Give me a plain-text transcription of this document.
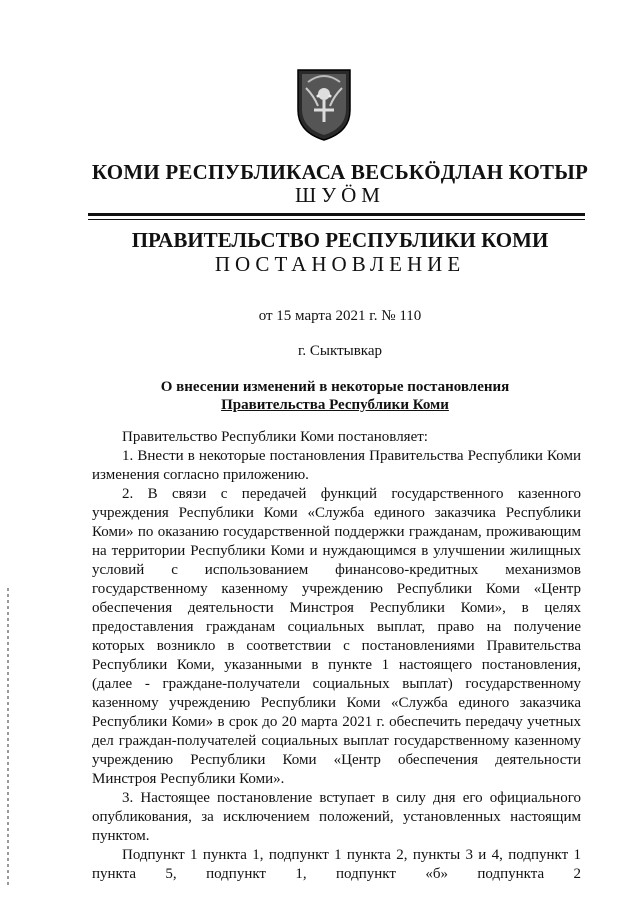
КОМИ РЕСПУБЛИКАСА ВЕСЬКӦДЛАН КОТЫР
ШУӦМ
ПРАВИТЕЛЬСТВО РЕСПУБЛИКИ КОМИ
ПОСТАНОВЛЕНИЕ
от 15 марта 2021 г. № 110
г. Сыктывкар
О внесении изменений в некоторые постановления
Правительства Республики Коми

Правительство Республики Коми постановляет:

1. Внести в некоторые постановления Правительства Республики Коми изменения согласно приложению.

2. В связи с передачей функций государственного казенного учреждения Республики Коми «Служба единого заказчика Республики Коми» по оказанию государственной поддержки гражданам, проживающим на территории Республики Коми и нуждающимся в улучшении жилищных условий с использованием финансово-кредитных механизмов государственному казенному учреждению Республики Коми «Центр обеспечения деятельности Минстроя Республики Коми», в целях предоставления гражданам социальных выплат, право на получение которых возникло в соответствии с постановлениями Правительства Республики Коми, указанными в пункте 1 настоящего постановления, (далее - граждане-получатели социальных выплат) государственному казенному учреждению Республики Коми «Служба единого заказчика Республики Коми» в срок до 20 марта 2021 г. обеспечить передачу учетных дел граждан-получателей социальных выплат государственному казенному учреждению Республики Коми «Центр обеспечения деятельности Минстроя Республики Коми».

3. Настоящее постановление вступает в силу дня его официального опубликования, за исключением положений, установленных настоящим пунктом.

Подпункт 1 пункта 1, подпункт 1 пункта 2, пункты 3 и 4, подпункт 1 пункта 5, подпункт 1, подпункт «б» подпункта 2
